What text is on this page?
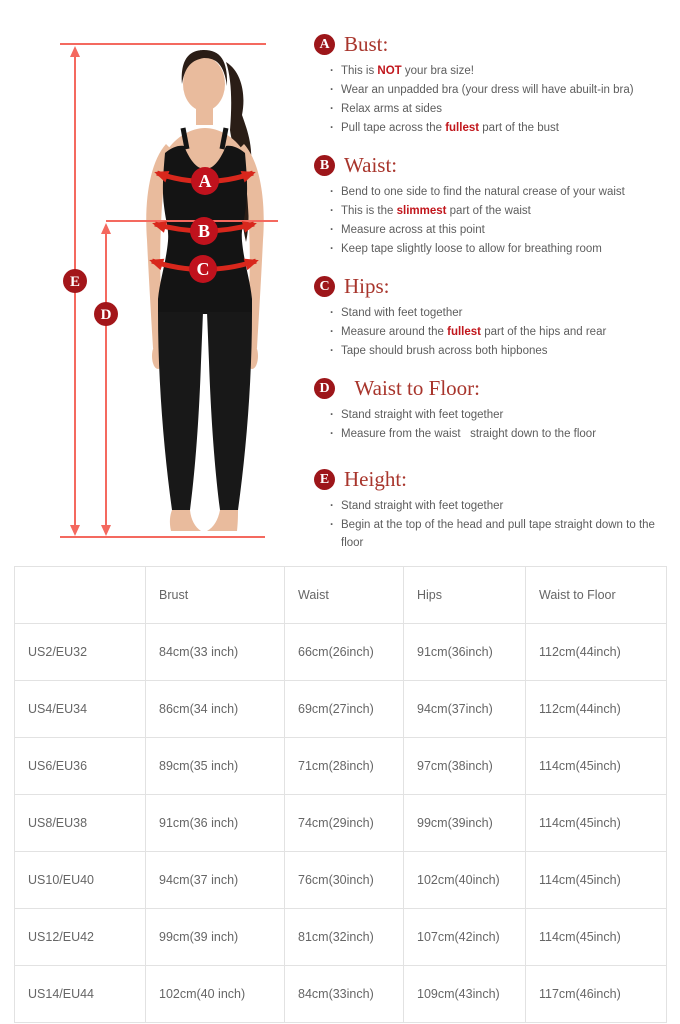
A
B
C
E
D
A Bust:
· This is NOT your bra size!
· Wear an unpadded bra (your dress will have abuilt-in bra)
· Relax arms at sides
· Pull tape across the fullest part of the bust
B Waist:
· Bend to one side to find the natural crease of your waist
· This is the slimmest part of the waist
· Measure across at this point
· Keep tape slightly loose to allow for breathing room
C Hips:
· Stand with feet together
· Measure around the fullest part of the hips and rear
· Tape should brush across both hipbones
D Waist to Floor:
· Stand straight with feet together
· Measure from the waist   straight down to the floor
E Height:
· Stand straight with feet together
· Begin at the top of the head and pull tape straight down to the floor
	Brust	Waist	Hips	Waist to Floor
US2/EU32	84cm(33 inch)	66cm(26inch)	91cm(36inch)	112cm(44inch)
US4/EU34	86cm(34 inch)	69cm(27inch)	94cm(37inch)	112cm(44inch)
US6/EU36	89cm(35 inch)	71cm(28inch)	97cm(38inch)	114cm(45inch)
US8/EU38	91cm(36 inch)	74cm(29inch)	99cm(39inch)	114cm(45inch)
US10/EU40	94cm(37 inch)	76cm(30inch)	102cm(40inch)	114cm(45inch)
US12/EU42	99cm(39 inch)	81cm(32inch)	107cm(42inch)	114cm(45inch)
US14/EU44	102cm(40 inch)	84cm(33inch)	109cm(43inch)	117cm(46inch)
